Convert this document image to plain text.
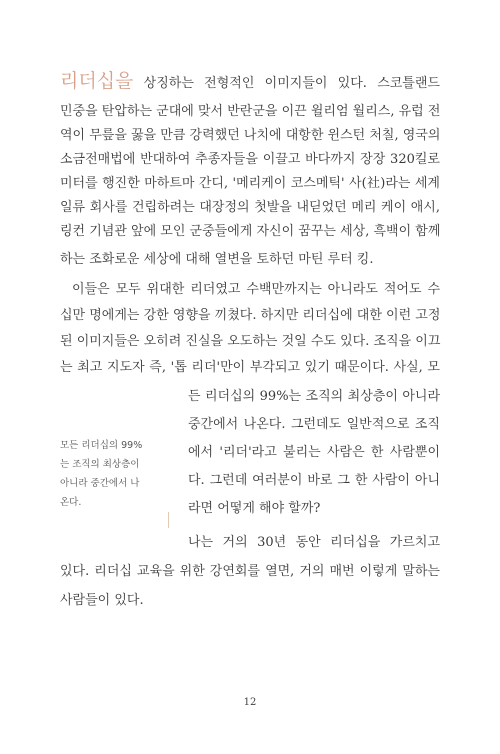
리더십을 상징하는 전형적인 이미지들이 있다. 스코틀랜드
민중을 탄압하는 군대에 맞서 반란군을 이끈 윌리엄 월리스, 유럽 전
역이 무릎을 꿇을 만큼 강력했던 나치에 대항한 윈스턴 처칠, 영국의
소금전매법에 반대하여 추종자들을 이끌고 바다까지 장장 320킬로
미터를 행진한 마하트마 간디, '메리케이 코스메틱' 사(社)라는 세계
일류 회사를 건립하려는 대장정의 첫발을 내딛었던 메리 케이 애시,
링컨 기념관 앞에 모인 군중들에게 자신이 꿈꾸는 세상, 흑백이 함께
하는 조화로운 세상에 대해 열변을 토하던 마틴 루터 킹.
이들은 모두 위대한 리더였고 수백만까지는 아니라도 적어도 수
십만 명에게는 강한 영향을 끼쳤다. 하지만 리더십에 대한 이런 고정
된 이미지들은 오히려 진실을 오도하는 것일 수도 있다. 조직을 이끄
는 최고 지도자 즉, '톱 리더'만이 부각되고 있기 때문이다. 사실, 모
든 리더십의 99%는 조직의 최상층이 아니라
중간에서 나온다. 그런데도 일반적으로 조직
에서 '리더'라고 불리는 사람은 한 사람뿐이
다. 그런데 여러분이 바로 그 한 사람이 아니
라면 어떻게 해야 할까?
모든 리더십의 99%
는 조직의 최상층이
아니라 중간에서 나
온다.
나는 거의 30년 동안 리더십을 가르치고
있다. 리더십 교육을 위한 강연회를 열면, 거의 매번 이렇게 말하는
사람들이 있다.
12
